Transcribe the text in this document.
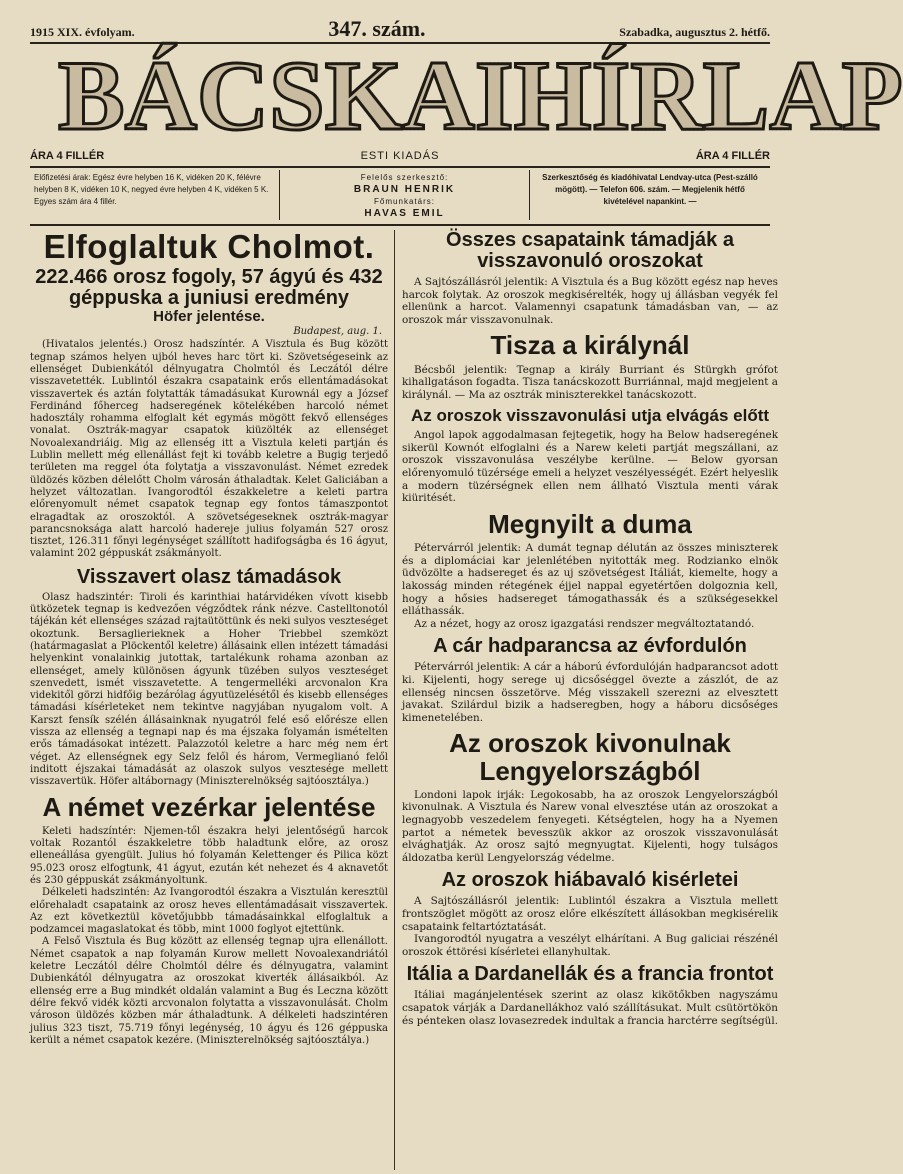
1915 XIX. évfolyam.	347. szám.	Szabadka, augusztus 2. hétfő.
B Á C S K A I H Í R L A P
ÁRA 4 FILLÉR	ESTI KIADÁS	ÁRA 4 FILLÉR
Előfizetési árak: Egész évre helyben 16 K, vidéken 20 K, félévre helyben 8 K, vidéken 10 K, negyed évre helyben 4 K, vidéken 5 K. Egyes szám ára 4 fillér.
Felelős szerkesztő:
BRAUN HENRIK
Főmunkatárs:
HAVAS EMIL
Szerkesztőség és kiadóhivatal Lendvay-utca (Pest-szálló mögött). — Telefon 606. szám. — Megjelenik hétfő kivételével napankint. —
Elfoglaltuk Cholmot.
222.466 orosz fogoly, 57 ágyú és 432 géppuska a juniusi eredmény
Höfer jelentése.
Budapest, aug. 1.

(Hivatalos jelentés.) Orosz hadszíntér. A Visztula és Bug között tegnap számos helyen ujból heves harc tört ki. Szövetségeseink az ellenséget Dubienkától délnyugatra Cholmtól és Leczától délre visszavetették. Lublintól északra csapataink erős ellentámadásokat visszavertek és aztán folytatták támadásukat Kurownál egy a József Ferdinánd főherceg hadseregének kötelékében harcoló német hadosztály rohamma elfoglalt két egymás mögött fekvő ellenséges vonalat. Osztrák-magyar csapatok kiüzölték az ellenséget Novoalexandriáig. Mig az ellenség itt a Visztula keleti partján és Lublin mellett még ellenállást fejt ki tovább keletre a Bugig terjedő területen ma reggel óta folytatja a visszavonulást. Német ezredek üldözés közben délelőtt Cholm városán áthaladtak. Kelet Galiciában a helyzet változatlan. Ivangorodtól északkeletre a keleti partra előrenyomult német csapatok tegnap egy fontos támaszpontot elragadtak az oroszoktól. A szövetségeseknek osztrák-magyar parancsnoksága alatt harcoló hadereje julius folyamán 527 orosz tisztet, 126.311 főnyi legénységet szállított hadifogságba és 16 ágyut, valamint 202 géppuskát zsákmányolt.

Visszavert olasz támadások

Olasz hadszintér: Tiroli és karinthiai határvidéken vívott kisebb ütközetek tegnap is kedvezően végződtek ránk nézve. Castelltonotól tájékán két ellenséges század rajtaütöttünk és neki sulyos veszteséget okoztunk. Bersaglierieknek a Hoher Triebbel szemközt (határmagaslat a Plöckentől keletre) állásaink ellen intézett támadási helyenkint vonalainkig jutottak, tartalékunk rohama azonban az ellenséget, amely különösen ágyunk tüzében sulyos veszteséget szenvedett, ismét visszavetette. A tengermelléki arcvonalon Kra videkitől görzi hidfőig bezárólag ágyutüzelésétől és kisebb ellenséges támadási kísérleteket nem tekintve nagyjában nyugalom volt. A Karszt fensík szélén állásainknak nyugatról felé eső előrésze ellen vissza az ellenség a tegnapi nap és ma éjszaka folyamán ismételten erős támadásokat intézett. Palazzotól keletre a harc még nem ért véget. Az ellenségnek egy Selz felől és három, Vermeglianó felől inditott éjszakai támadását az olaszok sulyos vesztesége mellett visszavertük. Höfer altábornagy (Miniszterelnökség sajtóosztálya.)

A német vezérkar jelentése

Keleti hadszíntér: Njemen-től északra helyi jelentőségű harcok voltak Rozantól északkeletre több haladtunk előre, az orosz elleneállása gyengült. Julius hó folyamán Kelettenger és Pilica közt 95.023 orosz elfogtunk, 41 ágyut, ezután két nehezet és 4 aknavetőt és 230 géppuskát zsákmányoltunk.

Délkeleti hadszintén: Az Ivangorodtól északra a Visztulán keresztül előrehaladt csapataink az orosz heves ellentámadásait visszavertek. Az ezt következtül követőjubbb támadásainkkal elfoglaltuk a podzamcei magaslatokat és több, mint 1000 foglyot ejtettünk.

A Felső Visztula és Bug között az ellenség tegnap ujra ellenállott. Német csapatok a nap folyamán Kurow mellett Novoalexandriától keletre Leczától délre Cholmtól délre és délnyugatra, valamint Dubienkától délnyugatra az oroszokat kiverték állásaikból. Az ellenség erre a Bug mindkét oldalán valamint a Bug és Leczna között délre fekvő vidék közti arcvonalon folytatta a visszavonulását. Cholm városon üldözés közben már áthaladtunk. A délkeleti hadszintéren julius 323 tiszt, 75.719 főnyi legénység, 10 ágyu és 126 géppuska került a német csapatok kezére. (Miniszterelnökség sajtóosztálya.)

Összes csapataink támadják a visszavonuló oroszokat

A Sajtószállásról jelentik: A Visztula és a Bug között egész nap heves harcok folytak. Az oroszok megkisérelték, hogy uj állásban vegyék fel ellenünk a harcot. Valamennyi csapatunk támadásban van, — az oroszok már visszavonulnak.

Tisza a királynál

Bécsből jelentik: Tegnap a király Burriant és Stürgkh grófot kihallgatáson fogadta. Tisza tanácskozott Burriánnal, majd megjelent a királynál. — Ma az osztrák miniszterekkel tanácskozott.

Az oroszok visszavonulási utja elvágás előtt

Angol lapok aggodalmasan fejtegetik, hogy ha Below hadseregének sikerül Kownót elfoglalni és a Narew keleti partját megszállani, az oroszok visszavonulása veszélybe kerülne. — Below gyorsan előrenyomuló tüzérsége emeli a helyzet veszélyességét. Ezért helyeslik a modern tüzérségnek ellen nem állható Visztula menti várak kiüritését.

Megnyilt a duma

Pétervárról jelentik: A dumát tegnap délután az összes miniszterek és a diplomáciai kar jelenlétében nyitották meg. Rodzianko elnök üdvözölte a hadsereget és az uj szövetségest Itáliát, kiemelte, hogy a lakosság minden rétegének éjjel nappal egyetértően dolgoznia kell, hogy a hősies hadsereget támogathassák és a szükségesekkel elláthassák.

Az a nézet, hogy az orosz igazgatási rendszer megváltoztatandó.

A cár hadparancsa az évfordulón

Pétervárról jelentik: A cár a háború évfordulóján hadparancsot adott ki. Kijelenti, hogy serege uj dicsőséggel övezte a zászlót, de az ellenség nincsen összetörve. Még visszakell szerezni az elvesztett javakat. Szilárdul bizik a hadseregben, hogy a háboru dicsőséges kimenetelében.

Az oroszok kivonulnak Lengyelországból

Londoni lapok irják: Legokosabb, ha az oroszok Lengyelországból kivonulnak. A Visztula és Narew vonal elvesztése után az oroszokat a legnagyobb veszedelem fenyegeti. Kétségtelen, hogy ha a Nyemen partot a németek bevesszük akkor az oroszok visszavonulását elvághatják. Az orosz sajtó megnyugtat. Kijelenti, hogy tulságos áldozatba kerül Lengyelország védelme.

Az oroszok hiábavaló kisérletei

A Sajtószállásról jelentik: Lublintól északra a Visztula mellett frontszöglet mögött az orosz előre elkészített állásokban megkisérelik csapataink feltartóztatását.

Ivangorodtól nyugatra a veszélyt elhárítani. A Bug galiciai részénél oroszok éttörési kísérletei ellanyhultak.

Itália a Dardanellák és a francia frontot

Itáliai magánjelentések szerint az olasz kikötőkben nagyszámu csapatok várják a Dardanellákhoz való szállításukat. Mult csütörtökön és pénteken olasz lovasezredek indultak a francia harctérre segítségül.
